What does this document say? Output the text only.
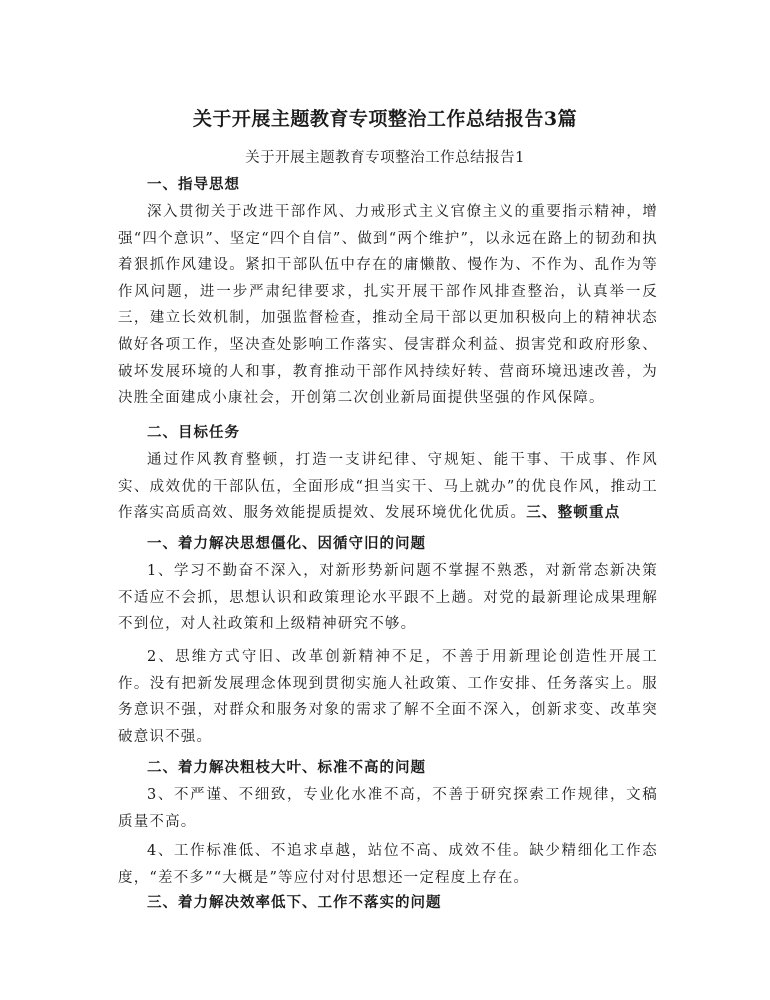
关于开展主题教育专项整治工作总结报告3篇
关于开展主题教育专项整治工作总结报告1
一、指导思想
深入贯彻关于改进干部作风、力戒形式主义官僚主义的重要指示精神，增强“四个意识”、坚定“四个自信”、做到“两个维护”，以永远在路上的韧劲和执着狠抓作风建设。紧扣干部队伍中存在的庸懒散、慢作为、不作为、乱作为等作风问题，进一步严肃纪律要求，扎实开展干部作风排查整治，认真举一反三，建立长效机制，加强监督检查，推动全局干部以更加积极向上的精神状态做好各项工作，坚决查处影响工作落实、侵害群众利益、损害党和政府形象、破坏发展环境的人和事，教育推动干部作风持续好转、营商环境迅速改善，为决胜全面建成小康社会，开创第二次创业新局面提供坚强的作风保障。
二、目标任务
通过作风教育整顿，打造一支讲纪律、守规矩、能干事、干成事、作风实、成效优的干部队伍，全面形成“担当实干、马上就办”的优良作风，推动工作落实高质高效、服务效能提质提效、发展环境优化优质。三、整顿重点
一、着力解决思想僵化、因循守旧的问题
1、学习不勤奋不深入，对新形势新问题不掌握不熟悉，对新常态新决策不适应不会抓，思想认识和政策理论水平跟不上趟。对党的最新理论成果理解不到位，对人社政策和上级精神研究不够。
2、思维方式守旧、改革创新精神不足，不善于用新理论创造性开展工作。没有把新发展理念体现到贯彻实施人社政策、工作安排、任务落实上。服务意识不强，对群众和服务对象的需求了解不全面不深入，创新求变、改革突破意识不强。
二、着力解决粗枝大叶、标准不高的问题
3、不严谨、不细致，专业化水准不高，不善于研究探索工作规律，文稿质量不高。
4、工作标准低、不追求卓越，站位不高、成效不佳。缺少精细化工作态度，“差不多”“大概是”等应付对付思想还一定程度上存在。
三、着力解决效率低下、工作不落实的问题
